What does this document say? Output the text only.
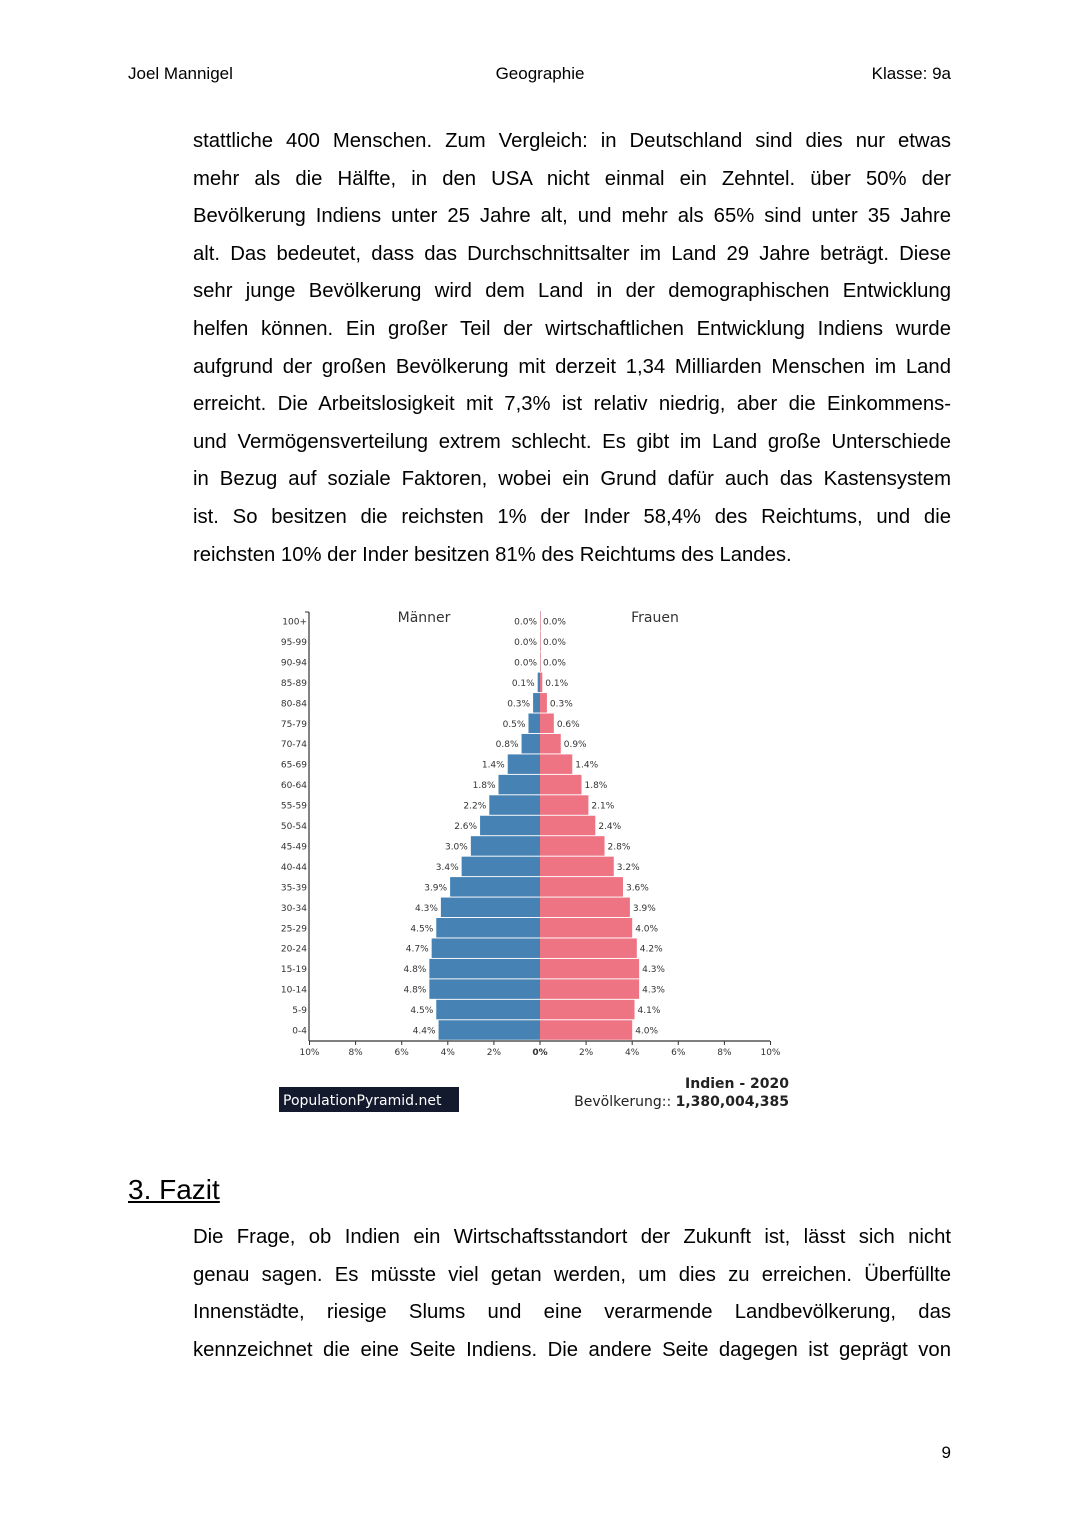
Joel Mannigel	Geographie	Klasse: 9a
stattliche 400 Menschen. Zum Vergleich: in Deutschland sind dies nur etwas
mehr als die Hälfte, in den USA nicht einmal ein Zehntel. über 50% der
Bevölkerung Indiens unter 25 Jahre alt, und mehr als 65% sind unter 35 Jahre
alt. Das bedeutet, dass das Durchschnittsalter im Land 29 Jahre beträgt. Diese
sehr junge Bevölkerung wird dem Land in der demographischen Entwicklung
helfen können. Ein großer Teil der wirtschaftlichen Entwicklung Indiens wurde
aufgrund der großen Bevölkerung mit derzeit 1,34 Milliarden Menschen im Land
erreicht. Die Arbeitslosigkeit mit 7,3% ist relativ niedrig, aber die Einkommens-
und Vermögensverteilung extrem schlecht. Es gibt im Land große Unterschiede
in Bezug auf soziale Faktoren, wobei ein Grund dafür auch das Kastensystem
ist. So besitzen die reichsten 1% der Inder 58,4% des Reichtums, und die
reichsten 10% der Inder besitzen 81% des Reichtums des Landes.
Männer	Frauen
100+	0.0% 0.0%
95-99	0.0% 0.0%
90-94	0.0% 0.0%
85-89	0.1% 0.1%
80-84	0.3% 0.3%
75-79	0.5%	0.6%
70-74	0.8%	0.9%
65-69	1.4%	1.4%
60-64	1.8%	1.8%
55-59	2.2%	2.1%
50-54	2.6%	2.4%
45-49	3.0%	2.8%
40-44	3.4%	3.2%
35-39	3.9%	3.6%
30-34	4.3%	3.9%
25-29	4.5%	4.0%
20-24	4.7%	4.2%
15-19	4.8%	4.3%
10-14	4.8%	4.3%
5-9	4.5%	4.1%
0-4	4.4%	4.0%
10%	8%	6%	4%	2%	0%	2%	4%	6%	8%	10%
PopulationPyramid.net
Indien - 2020
Bevölkerung:: 1,380,004,385
3. Fazit
Die Frage, ob Indien ein Wirtschaftsstandort der Zukunft ist, lässt sich nicht
genau sagen. Es müsste viel getan werden, um dies zu erreichen. Überfüllte
Innenstädte, riesige Slums und eine verarmende Landbevölkerung, das
kennzeichnet die eine Seite Indiens. Die andere Seite dagegen ist geprägt von
9
